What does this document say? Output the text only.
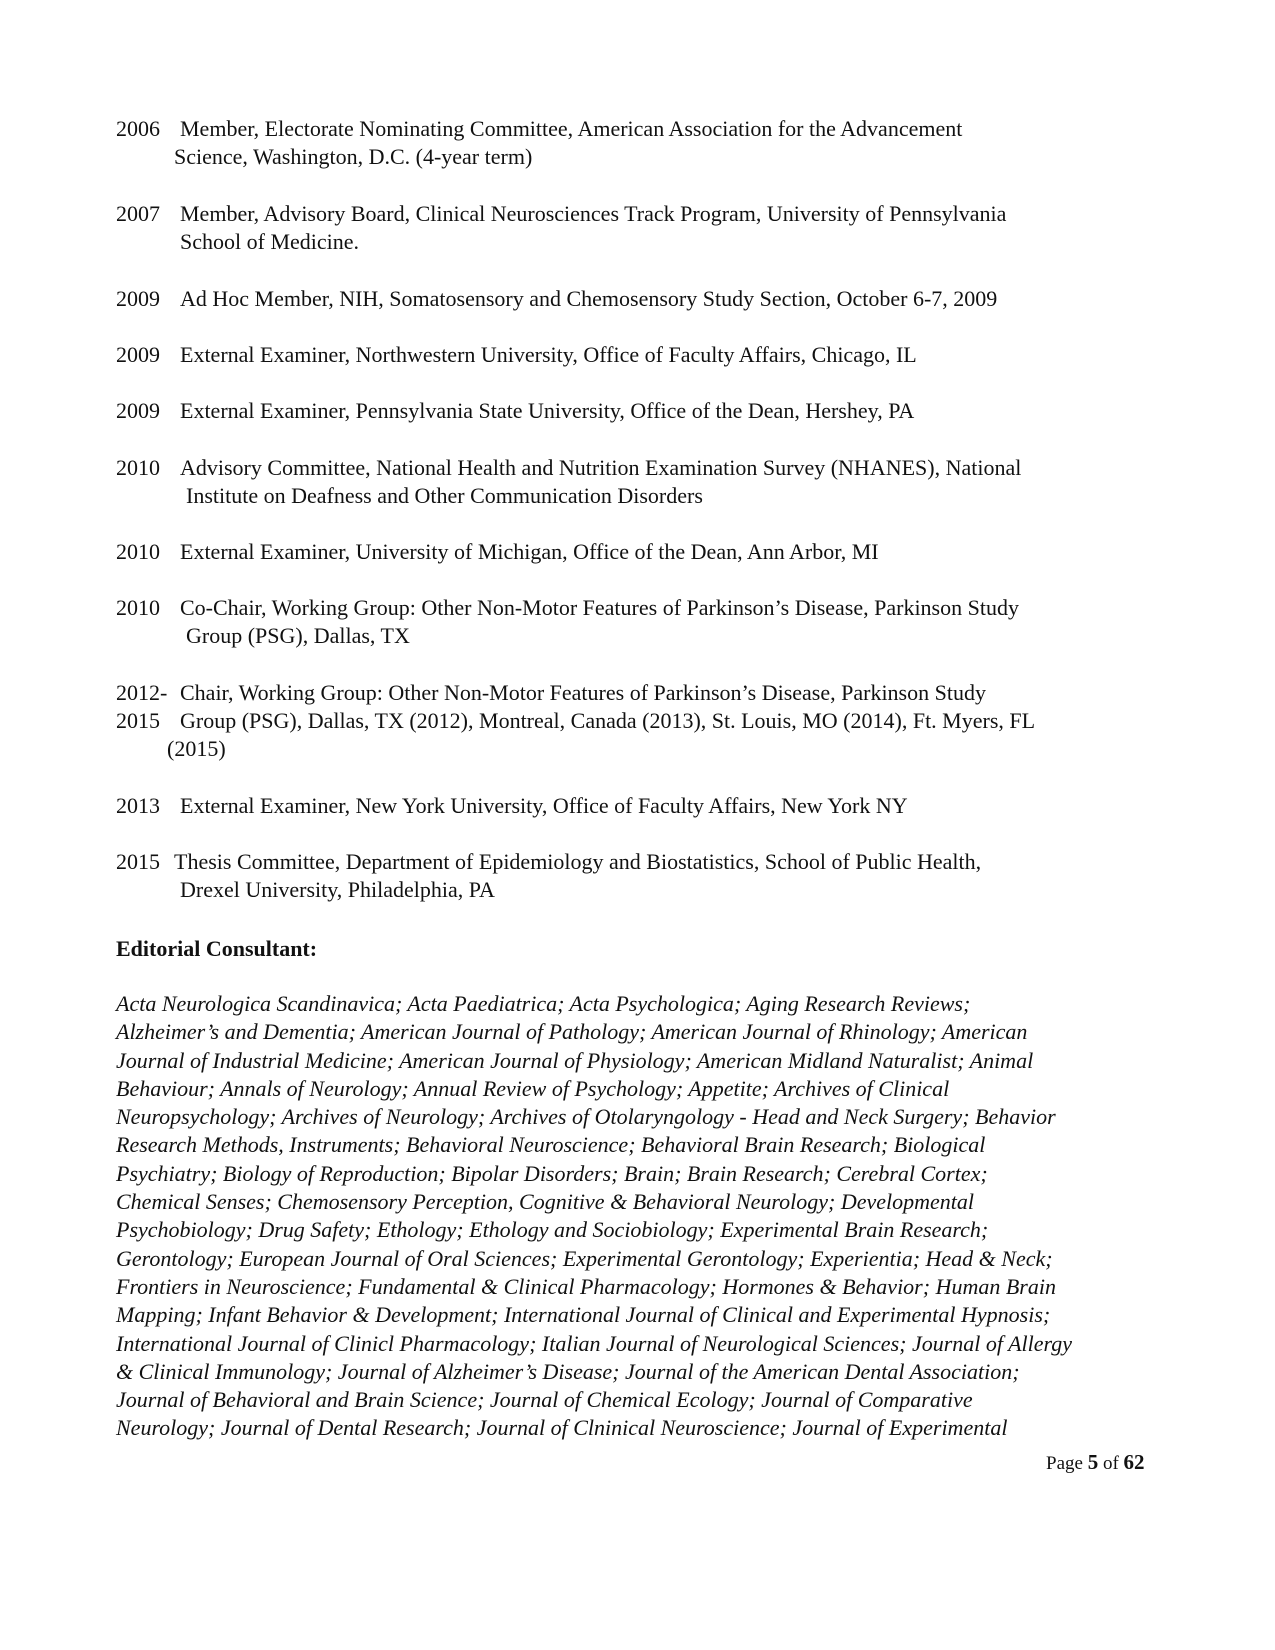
2006 Member, Electorate Nominating Committee, American Association for the Advancement
Science, Washington, D.C. (4-year term)
2007 Member, Advisory Board, Clinical Neurosciences Track Program, University of Pennsylvania
School of Medicine.
2009 Ad Hoc Member, NIH, Somatosensory and Chemosensory Study Section, October 6-7, 2009
2009 External Examiner, Northwestern University, Office of Faculty Affairs, Chicago, IL
2009 External Examiner, Pennsylvania State University, Office of the Dean, Hershey, PA
2010 Advisory Committee, National Health and Nutrition Examination Survey (NHANES), National
Institute on Deafness and Other Communication Disorders
2010 External Examiner, University of Michigan, Office of the Dean, Ann Arbor, MI
2010 Co-Chair, Working Group: Other Non-Motor Features of Parkinson’s Disease, Parkinson Study
Group (PSG), Dallas, TX
2012- Chair, Working Group: Other Non-Motor Features of Parkinson’s Disease, Parkinson Study
2015 Group (PSG), Dallas, TX (2012), Montreal, Canada (2013), St. Louis, MO (2014), Ft. Myers, FL
(2015)
2013 External Examiner, New York University, Office of Faculty Affairs, New York NY
2015 Thesis Committee, Department of Epidemiology and Biostatistics, School of Public Health,
Drexel University, Philadelphia, PA
Editorial Consultant:
Acta Neurologica Scandinavica; Acta Paediatrica; Acta Psychologica; Aging Research Reviews;
Alzheimer’s and Dementia; American Journal of Pathology; American Journal of Rhinology; American
Journal of Industrial Medicine; American Journal of Physiology; American Midland Naturalist; Animal
Behaviour; Annals of Neurology; Annual Review of Psychology; Appetite; Archives of Clinical
Neuropsychology; Archives of Neurology; Archives of Otolaryngology - Head and Neck Surgery; Behavior
Research Methods, Instruments; Behavioral Neuroscience; Behavioral Brain Research; Biological
Psychiatry; Biology of Reproduction; Bipolar Disorders; Brain; Brain Research; Cerebral Cortex;
Chemical Senses; Chemosensory Perception, Cognitive & Behavioral Neurology; Developmental
Psychobiology; Drug Safety; Ethology; Ethology and Sociobiology; Experimental Brain Research;
Gerontology; European Journal of Oral Sciences; Experimental Gerontology; Experientia; Head & Neck;
Frontiers in Neuroscience; Fundamental & Clinical Pharmacology; Hormones & Behavior; Human Brain
Mapping; Infant Behavior & Development; International Journal of Clinical and Experimental Hypnosis;
International Journal of Clinicl Pharmacology; Italian Journal of Neurological Sciences; Journal of Allergy
& Clinical Immunology; Journal of Alzheimer’s Disease; Journal of the American Dental Association;
Journal of Behavioral and Brain Science; Journal of Chemical Ecology; Journal of Comparative
Neurology; Journal of Dental Research; Journal of Clninical Neuroscience; Journal of Experimental
Page 5 of 62
